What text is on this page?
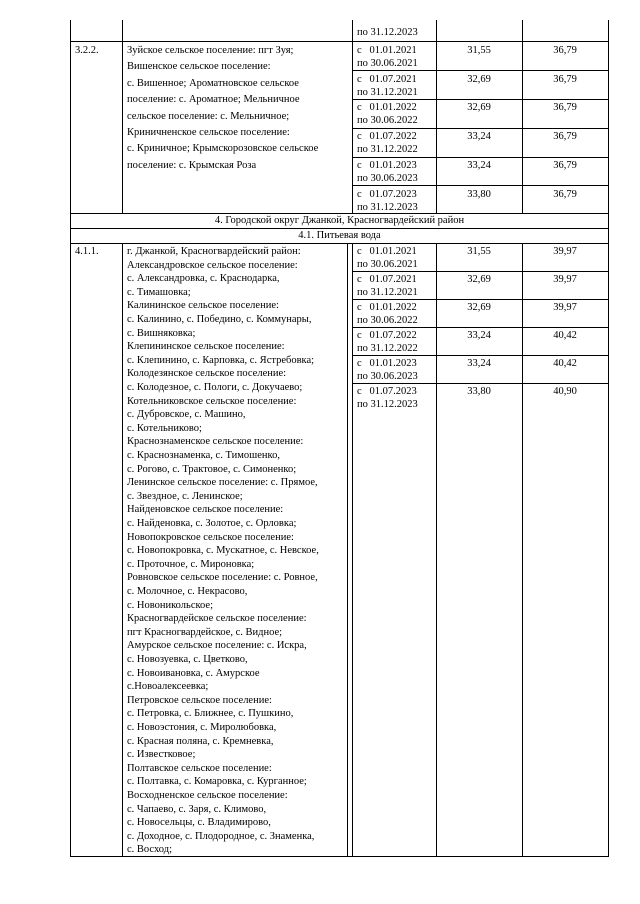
по 31.12.2023
3.2.2.	Зуйское сельское поселение: пгт Зуя;
Вишенское сельское поселение:
с. Вишенное; Ароматновское сельское
поселение: с. Ароматное; Мельничное
сельское поселение: с. Мельничное;
Криничненское сельское поселение:
с. Криничное; Крымскорозовское сельское
поселение: с. Крымская Роза
с   01.01.2021
по 30.06.2021
31,55	36,79
с   01.07.2021
по 31.12.2021
32,69	36,79
с   01.01.2022
по 30.06.2022
32,69	36,79
с   01.07.2022
по 31.12.2022
33,24	36,79
с   01.01.2023
по 30.06.2023
33,24	36,79
с   01.07.2023
по 31.12.2023
33,80	36,79
4. Городской округ Джанкой, Красногвардейский район
4.1. Питьевая вода
4.1.1.	г. Джанкой, Красногвардейский район:
Александровское сельское поселение:
с. Александровка, с. Краснодарка,
с. Тимашовка;
Калининское сельское поселение:
с. Калинино, с. Победино, с. Коммунары,
с. Вишняковка;
Клепининское сельское поселение:
с. Клепинино, с. Карповка, с. Ястребовка;
Колодезянское сельское поселение:
с. Колодезное, с. Пологи, с. Докучаево;
Котельниковское сельское поселение:
с. Дубровское, с. Машино,
с. Котельниково;
Краснознаменское сельское поселение:
с. Краснознаменка, с. Тимошенко,
с. Рогово, с. Трактовое, с. Симоненко;
Ленинское сельское поселение: с. Прямое,
с. Звездное, с. Ленинское;
Найденовское сельское поселение:
с. Найденовка, с. Золотое, с. Орловка;
Новопокровское сельское поселение:
с. Новопокровка, с. Мускатное, с. Невское,
с. Проточное, с. Мироновка;
Ровновское сельское поселение: с. Ровное,
с. Молочное, с. Некрасово,
с. Новоникольское;
Красногвардейское сельское поселение:
пгт Красногвардейское, с. Видное;
Амурское сельское поселение: с. Искра,
с. Новозуевка, с. Цветково,
с. Новоивановка, с. Амурское
с.Новоалексеевка;
Петровское сельское поселение:
с. Петровка, с. Ближнее, с. Пушкино,
с. Новоэстония, с. Миролюбовка,
с. Красная поляна, с. Кремневка,
с. Известковое;
Полтавское сельское поселение:
с. Полтавка, с. Комаровка, с. Курганное;
Восходненское сельское поселение:
с. Чапаево, с. Заря, с. Климово,
с. Новосельцы, с. Владимирово,
с. Доходное, с. Плодородное, с. Знаменка,
с. Восход;
с   01.01.2021
по 30.06.2021
31,55	39,97
с   01.07.2021
по 31.12.2021
32,69	39,97
с   01.01.2022
по 30.06.2022
32,69	39,97
с   01.07.2022
по 31.12.2022
33,24	40,42
с   01.01.2023
по 30.06.2023
33,24	40,42
с   01.07.2023
по 31.12.2023
33,80	40,90
